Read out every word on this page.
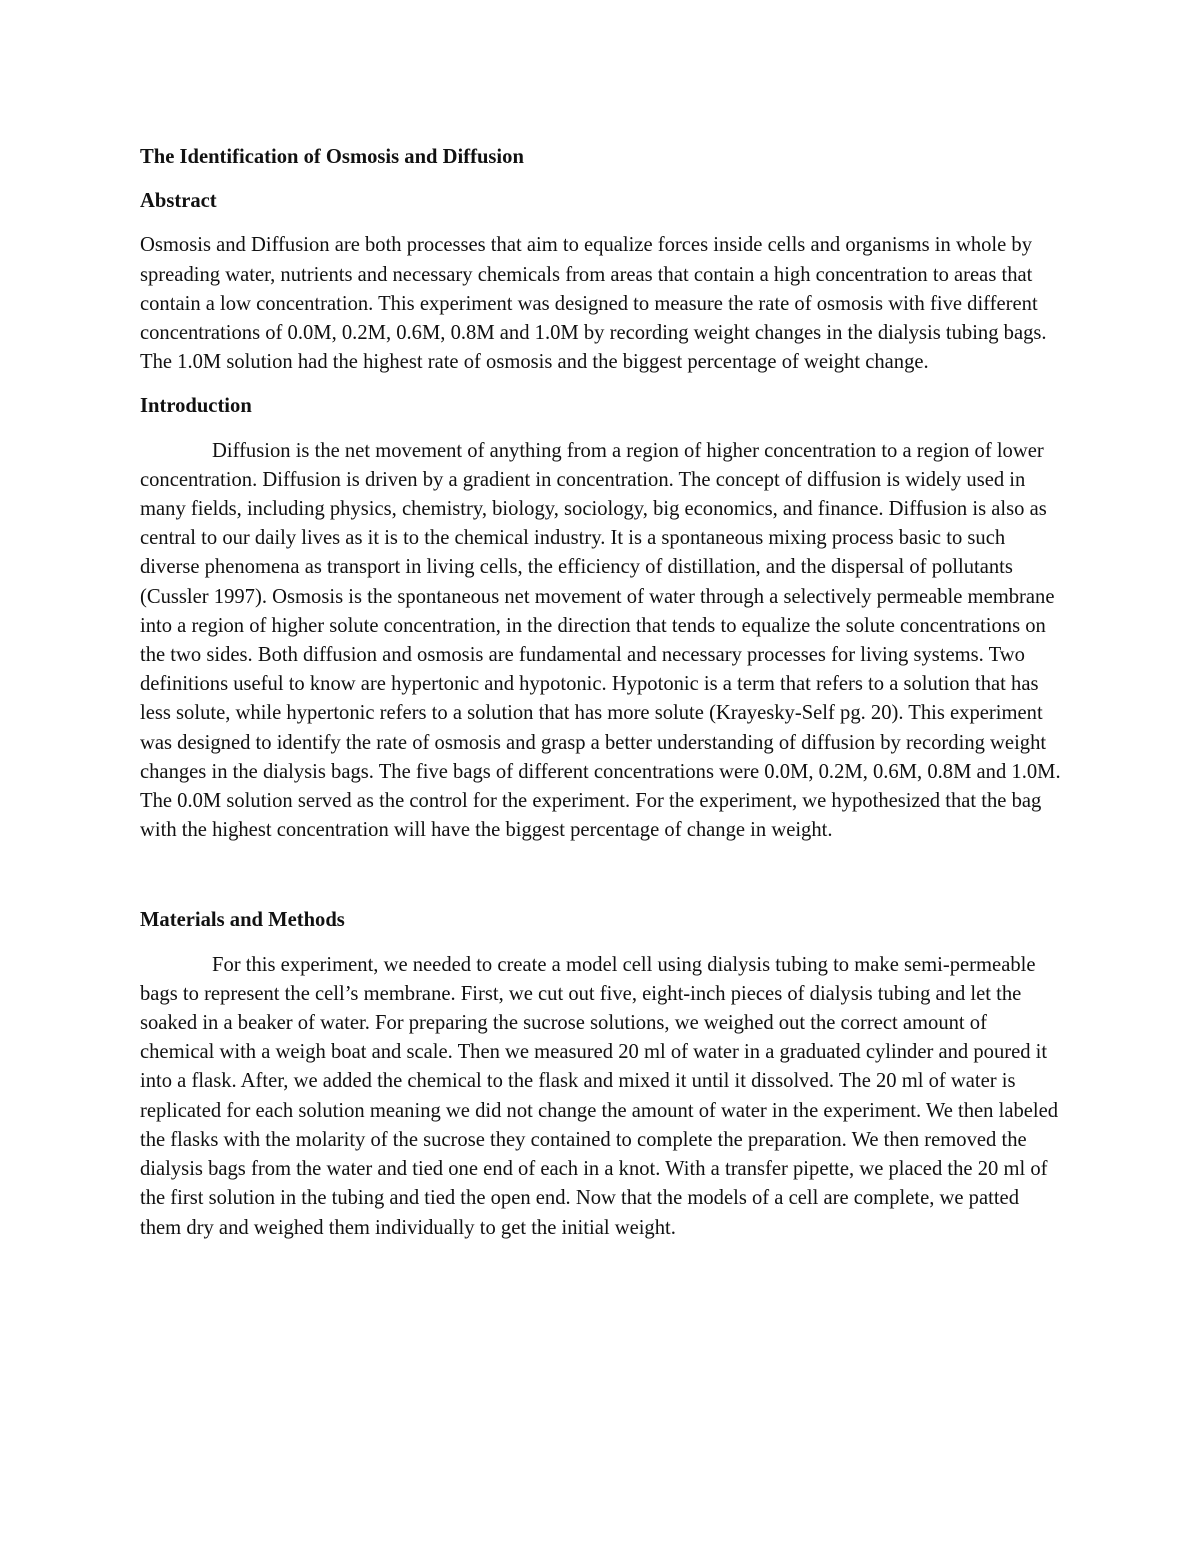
The Identification of Osmosis and Diffusion
Abstract

Osmosis and Diffusion are both processes that aim to equalize forces inside cells and organisms in whole by spreading water, nutrients and necessary chemicals from areas that contain a high concentration to areas that contain a low concentration. This experiment was designed to measure the rate of osmosis with five different concentrations of 0.0M, 0.2M, 0.6M, 0.8M and 1.0M by recording weight changes in the dialysis tubing bags. The 1.0M solution had the highest rate of osmosis and the biggest percentage of weight change.

Introduction

Diffusion is the net movement of anything from a region of higher concentration to a region of lower concentration. Diffusion is driven by a gradient in concentration. The concept of diffusion is widely used in many fields, including physics, chemistry, biology, sociology, big economics, and finance. Diffusion is also as central to our daily lives as it is to the chemical industry. It is a spontaneous mixing process basic to such diverse phenomena as transport in living cells, the efficiency of distillation, and the dispersal of pollutants (Cussler 1997). Osmosis is the spontaneous net movement of water through a selectively permeable membrane into a region of higher solute concentration, in the direction that tends to equalize the solute concentrations on the two sides. Both diffusion and osmosis are fundamental and necessary processes for living systems. Two definitions useful to know are hypertonic and hypotonic. Hypotonic is a term that refers to a solution that has less solute, while hypertonic refers to a solution that has more solute (Krayesky-Self pg. 20). This experiment was designed to identify the rate of osmosis and grasp a better understanding of diffusion by recording weight changes in the dialysis bags. The five bags of different concentrations were 0.0M, 0.2M, 0.6M, 0.8M and 1.0M. The 0.0M solution served as the control for the experiment. For the experiment, we hypothesized that the bag with the highest concentration will have the biggest percentage of change in weight.

Materials and Methods

For this experiment, we needed to create a model cell using dialysis tubing to make semi-permeable bags to represent the cell’s membrane. First, we cut out five, eight-inch pieces of dialysis tubing and let the soaked in a beaker of water. For preparing the sucrose solutions, we weighed out the correct amount of chemical with a weigh boat and scale. Then we measured 20 ml of water in a graduated cylinder and poured it into a flask. After, we added the chemical to the flask and mixed it until it dissolved. The 20 ml of water is replicated for each solution meaning we did not change the amount of water in the experiment. We then labeled the flasks with the molarity of the sucrose they contained to complete the preparation. We then removed the dialysis bags from the water and tied one end of each in a knot. With a transfer pipette, we placed the 20 ml of the first solution in the tubing and tied the open end. Now that the models of a cell are complete, we patted them dry and weighed them individually to get the initial weight.
